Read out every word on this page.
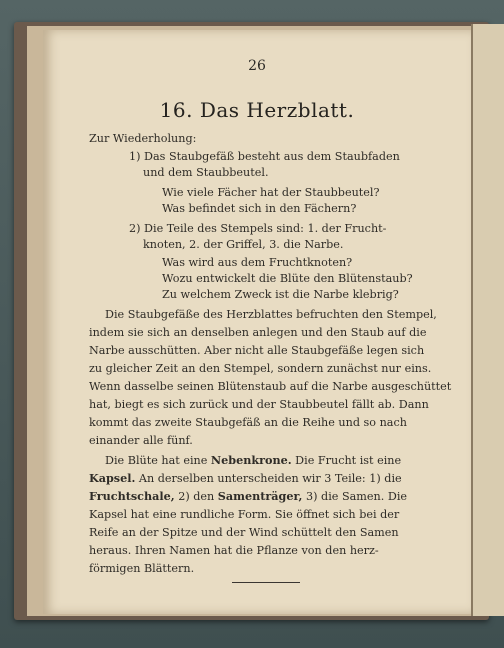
26
16. Das Herzblatt.
Zur Wiederholung:
1) Das Staubgefäß besteht aus dem Staubfaden
und dem Staubbeutel.
Wie viele Fächer hat der Staubbeutel?
Was befindet sich in den Fächern?
2) Die Teile des Stempels sind: 1. der Frucht-
knoten, 2. der Griffel, 3. die Narbe.
Was wird aus dem Fruchtknoten?
Wozu entwickelt die Blüte den Blütenstaub?
Zu welchem Zweck ist die Narbe klebrig?
Die Staubgefäße des Herzblattes befruchten den Stempel,
indem sie sich an denselben anlegen und den Staub auf die
Narbe ausschütten. Aber nicht alle Staubgefäße legen sich
zu gleicher Zeit an den Stempel, sondern zunächst nur eins.
Wenn dasselbe seinen Blütenstaub auf die Narbe ausgeschüttet
hat, biegt es sich zurück und der Staubbeutel fällt ab. Dann
kommt das zweite Staubgefäß an die Reihe und so nach
einander alle fünf.
Die Blüte hat eine Nebenkrone. Die Frucht ist eine
Kapsel. An derselben unterscheiden wir 3 Teile: 1) die
Fruchtschale, 2) den Samenträger, 3) die Samen. Die
Kapsel hat eine rundliche Form. Sie öffnet sich bei der
Reife an der Spitze und der Wind schüttelt den Samen
heraus. Ihren Namen hat die Pflanze von den herz-
förmigen Blättern.
